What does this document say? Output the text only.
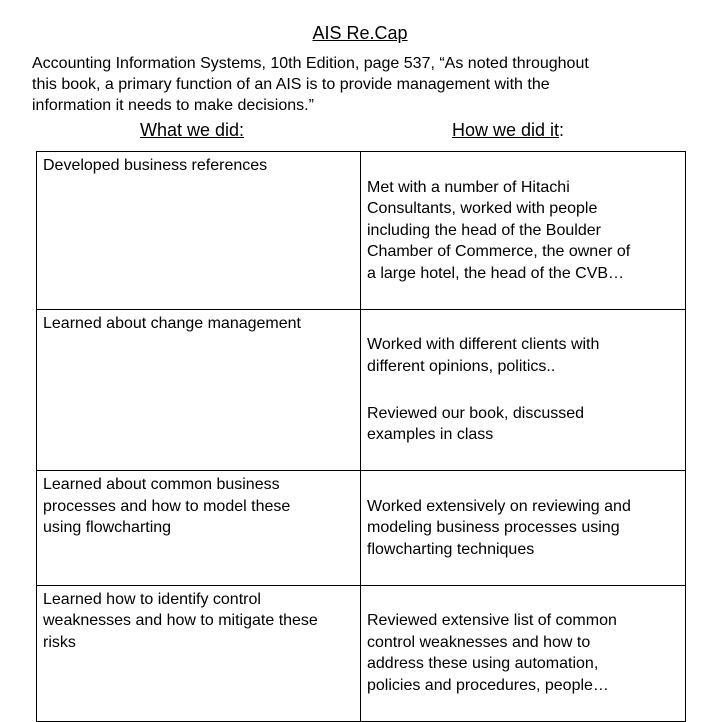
AIS Re.Cap
Accounting Information Systems, 10th Edition, page 537, “As noted throughout
this book, a primary function of an AIS is to provide management with the
information it needs to make decisions.”
What we did:	How we did it:
Developed business references	Met with a number of Hitachi
Consultants, worked with people
including the head of the Boulder
Chamber of Commerce, the owner of
a large hotel, the head of the CVB…

Learned about change management	Worked with different clients with
different opinions, politics..

Reviewed our book, discussed
examples in class

Learned about common business
processes and how to model these
using flowcharting	Worked extensively on reviewing and
modeling business processes using
flowcharting techniques

Learned how to identify control
weaknesses and how to mitigate these
risks	Reviewed extensive list of common
control weaknesses and how to
address these using automation,
policies and procedures, people…
